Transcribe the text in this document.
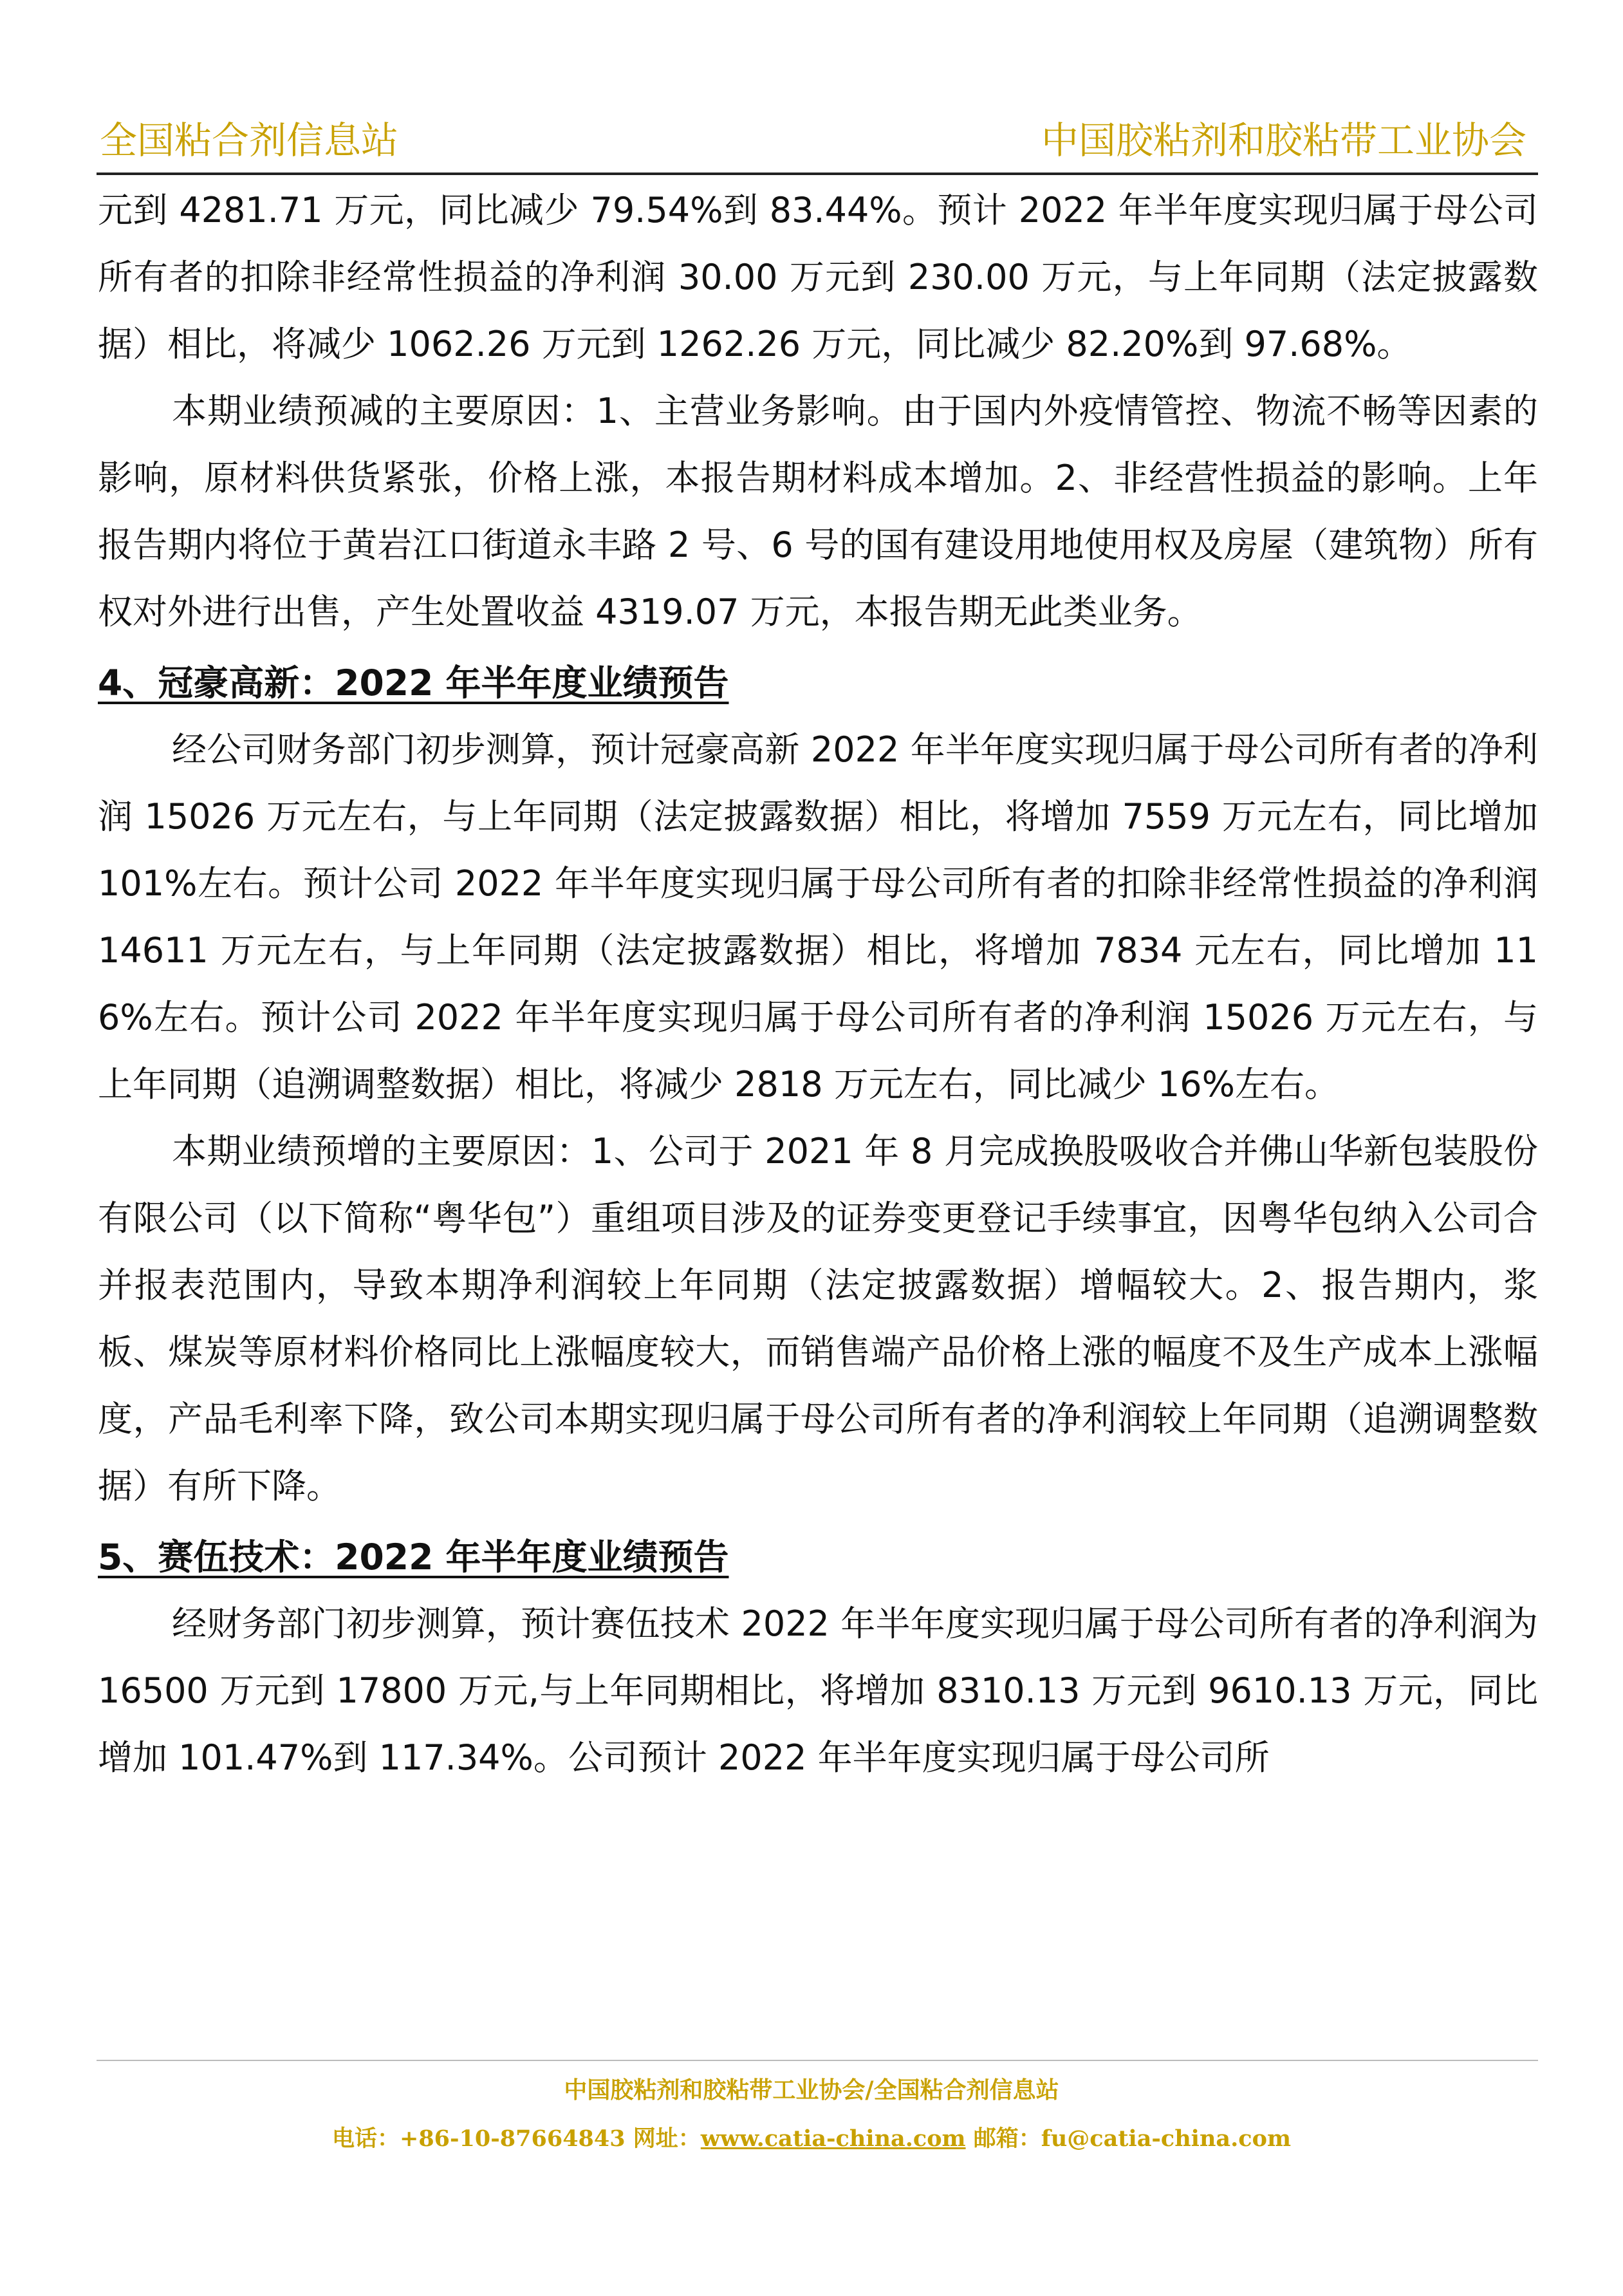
全国粘合剂信息站	中国胶粘剂和胶粘带工业协会

元到 4281.71 万元，同比减少 79.54%到 83.44%。预计 2022 年半年度实现归属于母公司所有者的扣除非经常性损益的净利润 30.00 万元到 230.00 万元，与上年同期（法定披露数据）相比，将减少 1062.26 万元到 1262.26 万元，同比减少 82.20%到 97.68%。

本期业绩预减的主要原因：1、主营业务影响。由于国内外疫情管控、物流不畅等因素的影响，原材料供货紧张，价格上涨，本报告期材料成本增加。2、非经营性损益的影响。上年报告期内将位于黄岩江口街道永丰路 2 号、6 号的国有建设用地使用权及房屋（建筑物）所有权对外进行出售，产生处置收益 4319.07 万元，本报告期无此类业务。

4、冠豪高新：2022 年半年度业绩预告

经公司财务部门初步测算，预计冠豪高新 2022 年半年度实现归属于母公司所有者的净利润 15026 万元左右，与上年同期（法定披露数据）相比，将增加 7559 万元左右，同比增加 101%左右。预计公司 2022 年半年度实现归属于母公司所有者的扣除非经常性损益的净利润 14611 万元左右，与上年同期（法定披露数据）相比，将增加 7834 元左右，同比增加 116%左右。预计公司 2022 年半年度实现归属于母公司所有者的净利润 15026 万元左右，与上年同期（追溯调整数据）相比，将减少 2818 万元左右，同比减少 16%左右。

本期业绩预增的主要原因：1、公司于 2021 年 8 月完成换股吸收合并佛山华新包装股份有限公司（以下简称“粤华包”）重组项目涉及的证券变更登记手续事宜，因粤华包纳入公司合并报表范围内，导致本期净利润较上年同期（法定披露数据）增幅较大。2、报告期内，浆板、煤炭等原材料价格同比上涨幅度较大，而销售端产品价格上涨的幅度不及生产成本上涨幅度，产品毛利率下降，致公司本期实现归属于母公司所有者的净利润较上年同期（追溯调整数据）有所下降。

5、赛伍技术：2022 年半年度业绩预告

经财务部门初步测算，预计赛伍技术 2022 年半年度实现归属于母公司所有者的净利润为 16500 万元到 17800 万元,与上年同期相比，将增加 8310.13 万元到 9610.13 万元，同比增加 101.47%到 117.34%。公司预计 2022 年半年度实现归属于母公司所

中国胶粘剂和胶粘带工业协会/全国粘合剂信息站
电话：+86-10-87664843 网址：www.catia-china.com 邮箱：fu@catia-china.com
